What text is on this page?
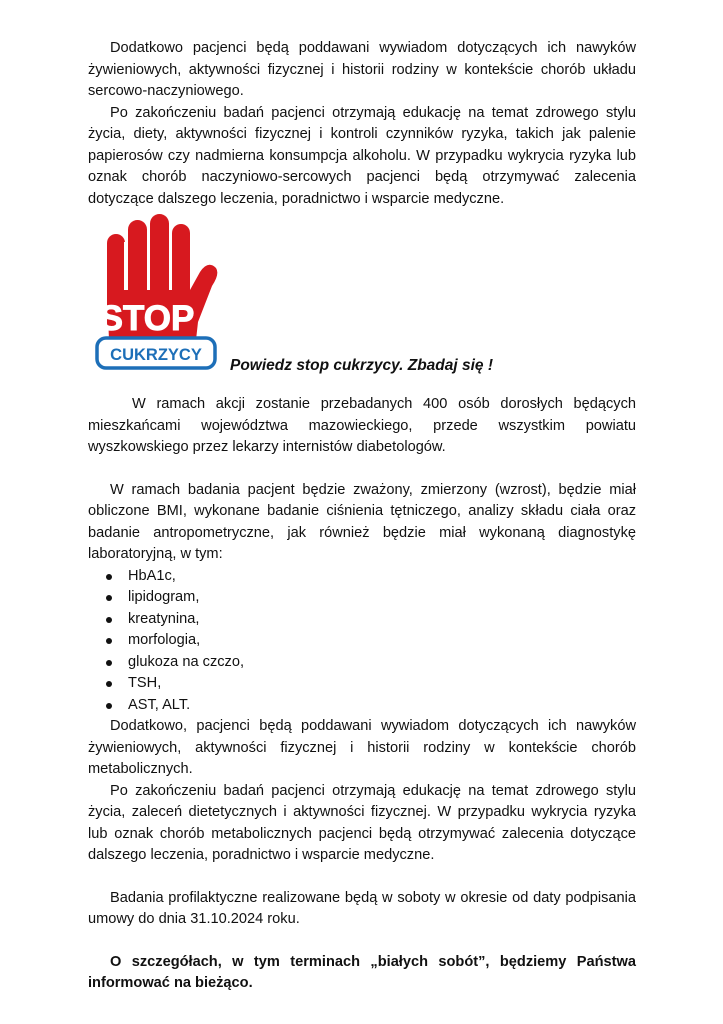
Dodatkowo pacjenci będą poddawani wywiadom dotyczących ich nawyków żywieniowych, aktywności fizycznej i historii rodziny w kontekście chorób układu sercowo-naczyniowego.

Po zakończeniu badań pacjenci otrzymają edukację na temat zdrowego stylu życia, diety, aktywności fizycznej i kontroli czynników ryzyka, takich jak palenie papierosów czy nadmierna konsumpcja alkoholu. W przypadku wykrycia ryzyka lub oznak chorób naczyniowo-sercowych pacjenci będą otrzymywać zalecenia dotyczące dalszego leczenia, poradnictwo i wsparcie medyczne.

STOP
CUKRZYCY
Powiedz stop cukrzycy. Zbadaj się !

W ramach akcji zostanie przebadanych 400 osób dorosłych będących mieszkańcami województwa mazowieckiego, przede wszystkim powiatu wyszkowskiego przez lekarzy internistów diabetologów.

W ramach badania pacjent będzie zważony, zmierzony (wzrost), będzie miał obliczone BMI, wykonane badanie ciśnienia tętniczego, analizy składu ciała oraz badanie antropometryczne, jak również będzie miał wykonaną diagnostykę laboratoryjną, w tym:

HbA1c,
lipidogram,
kreatynina,
morfologia,
glukoza na czczo,
TSH,
AST, ALT.

Dodatkowo, pacjenci będą poddawani wywiadom dotyczących ich nawyków żywieniowych, aktywności fizycznej i historii rodziny w kontekście chorób metabolicznych.

Po zakończeniu badań pacjenci otrzymają edukację na temat zdrowego stylu życia, zaleceń dietetycznych i aktywności fizycznej. W przypadku wykrycia ryzyka lub oznak chorób metabolicznych pacjenci będą otrzymywać zalecenia dotyczące dalszego leczenia, poradnictwo i wsparcie medyczne.

Badania profilaktyczne realizowane będą w soboty w okresie od daty podpisania umowy do dnia 31.10.2024 roku.

O szczegółach, w tym terminach „białych sobót”, będziemy Państwa informować na bieżąco.
